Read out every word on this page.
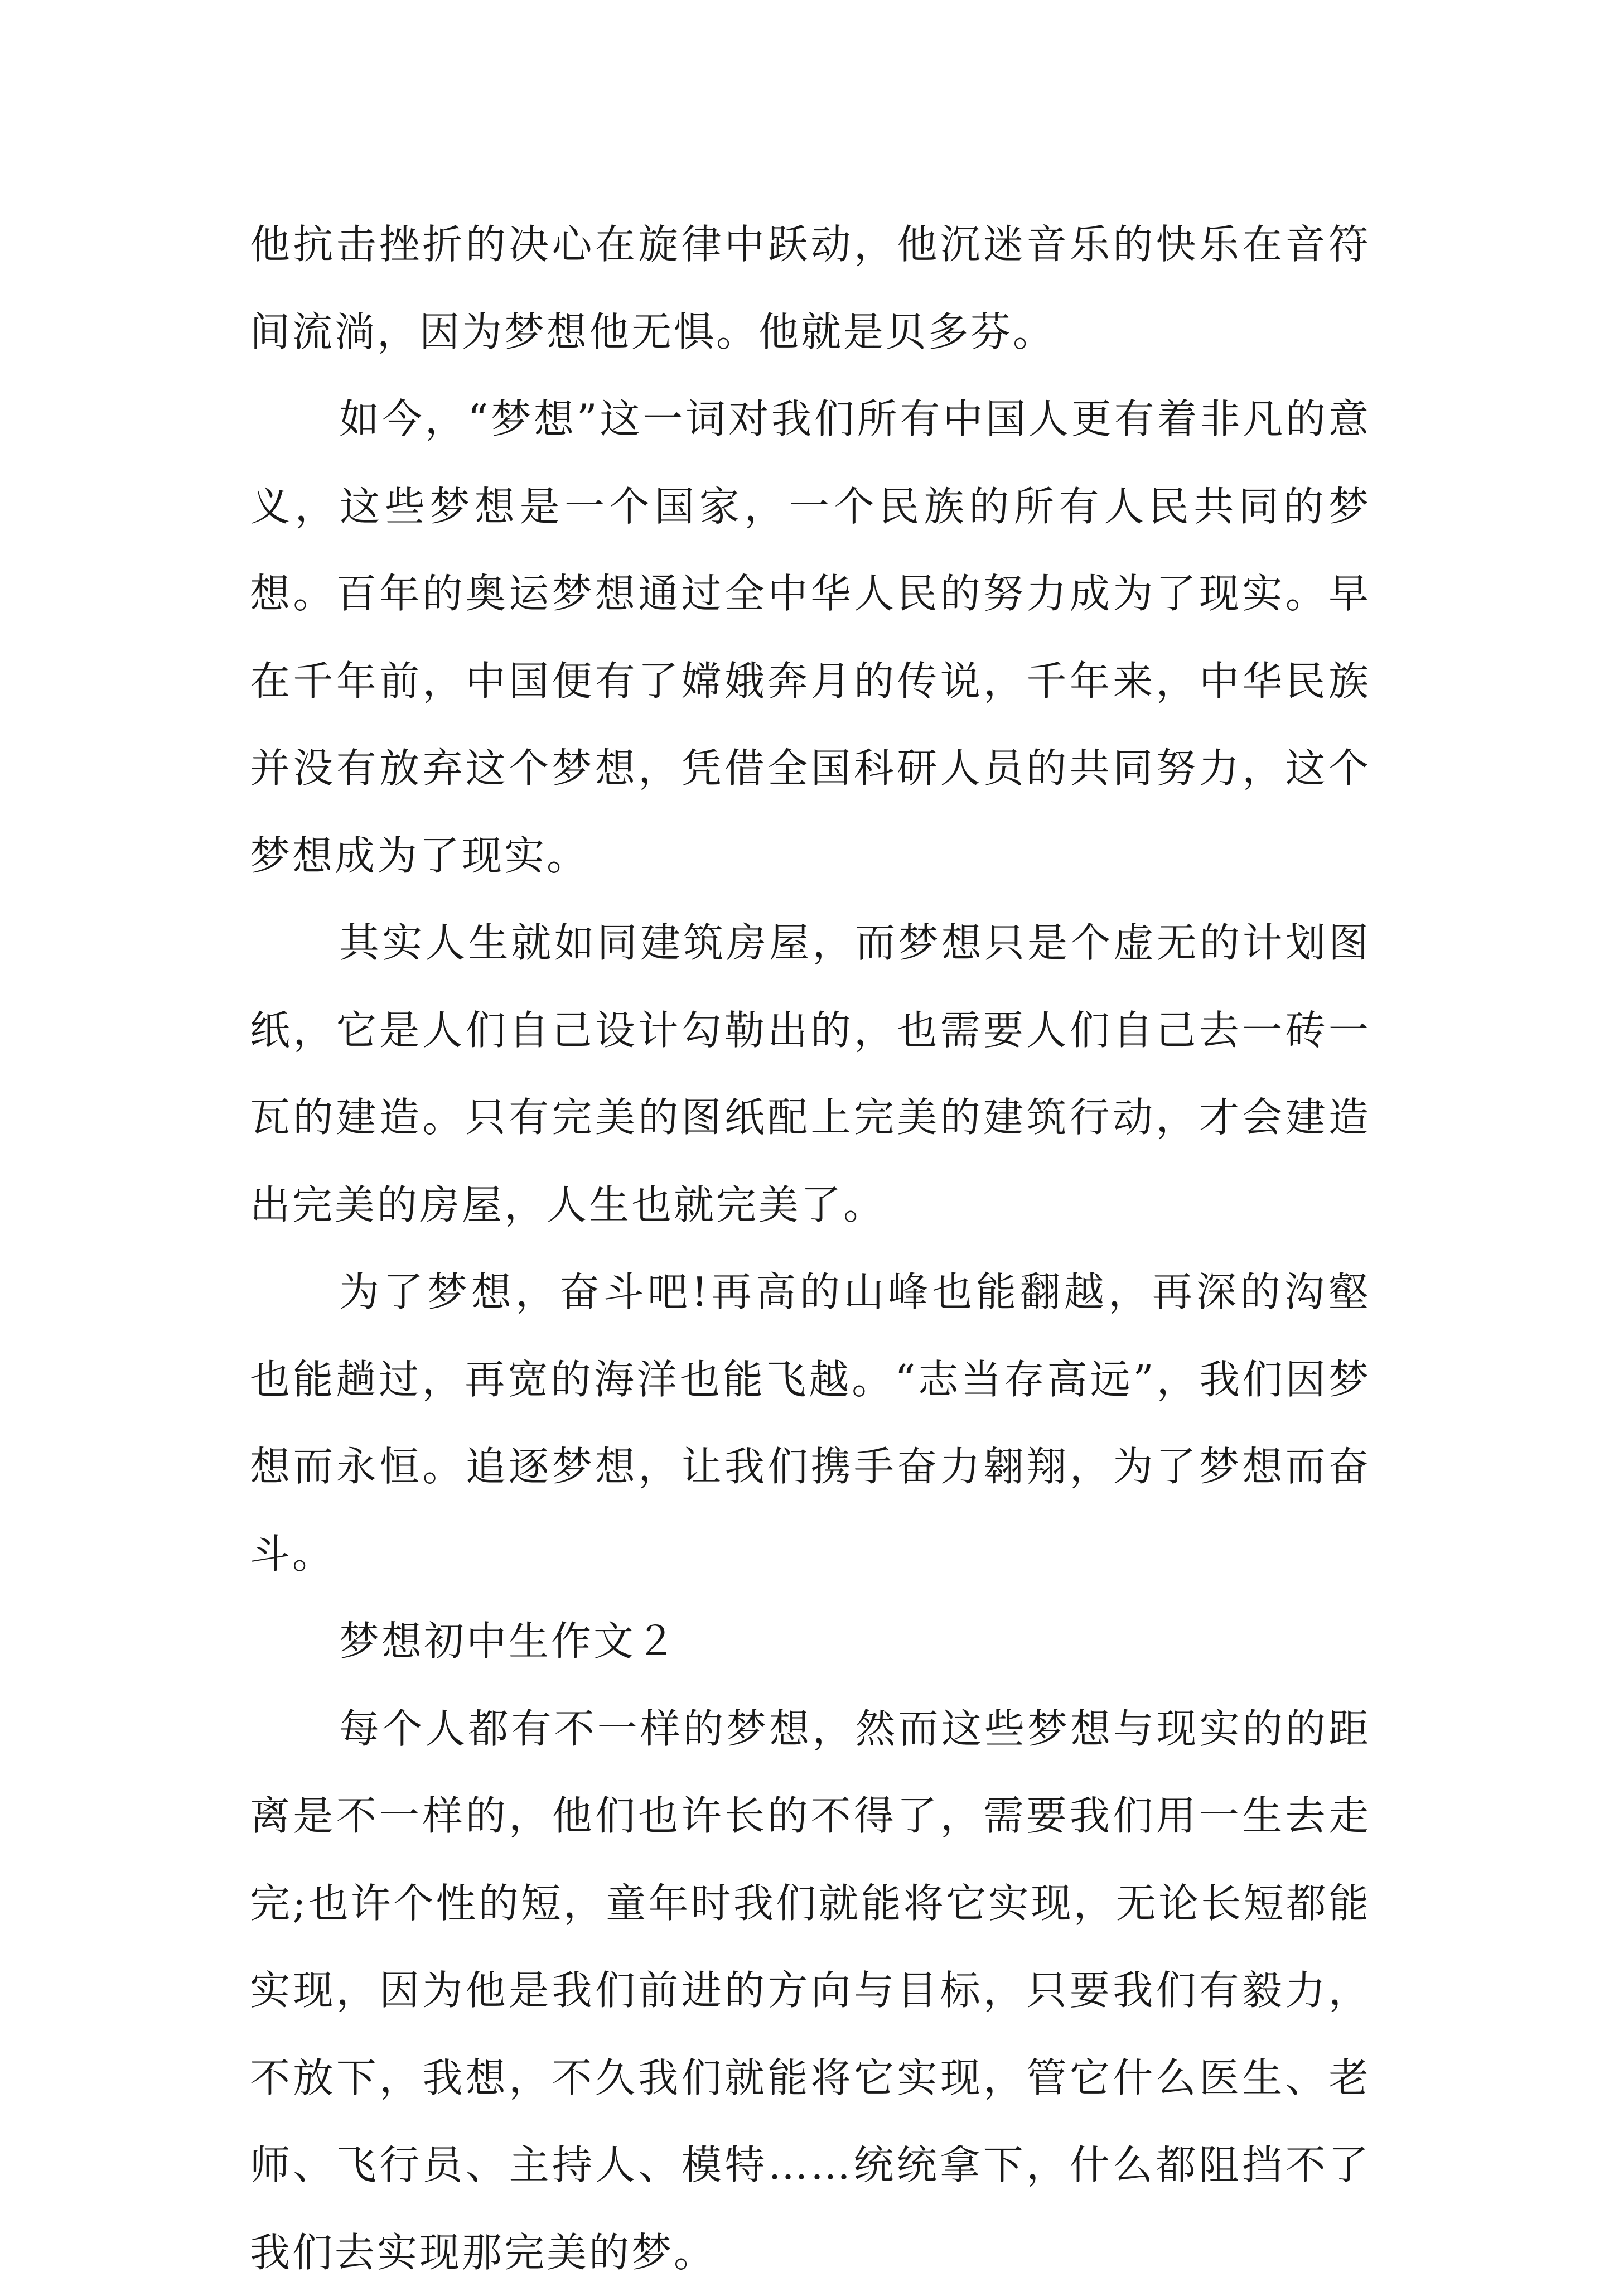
他抗击挫折的决心在旋律中跃动，他沉迷音乐的快乐在音符间流淌，因为梦想他无惧。他就是贝多芬。

如今，“梦想”这一词对我们所有中国人更有着非凡的意义，这些梦想是一个国家，一个民族的所有人民共同的梦想。百年的奥运梦想通过全中华人民的努力成为了现实。早在千年前，中国便有了嫦娥奔月的传说，千年来，中华民族并没有放弃这个梦想，凭借全国科研人员的共同努力，这个梦想成为了现实。

其实人生就如同建筑房屋，而梦想只是个虚无的计划图纸，它是人们自己设计勾勒出的，也需要人们自己去一砖一瓦的建造。只有完美的图纸配上完美的建筑行动，才会建造出完美的房屋，人生也就完美了。

为了梦想，奋斗吧!再高的山峰也能翻越，再深的沟壑也能趟过，再宽的海洋也能飞越。“志当存高远”，我们因梦想而永恒。追逐梦想，让我们携手奋力翱翔，为了梦想而奋斗。

梦想初中生作文２

每个人都有不一样的梦想，然而这些梦想与现实的的距离是不一样的，他们也许长的不得了，需要我们用一生去走完;也许个性的短，童年时我们就能将它实现，无论长短都能实现，因为他是我们前进的方向与目标，只要我们有毅力，不放下，我想，不久我们就能将它实现，管它什么医生、老师、飞行员、主持人、模特……统统拿下，什么都阻挡不了我们去实现那完美的梦。
